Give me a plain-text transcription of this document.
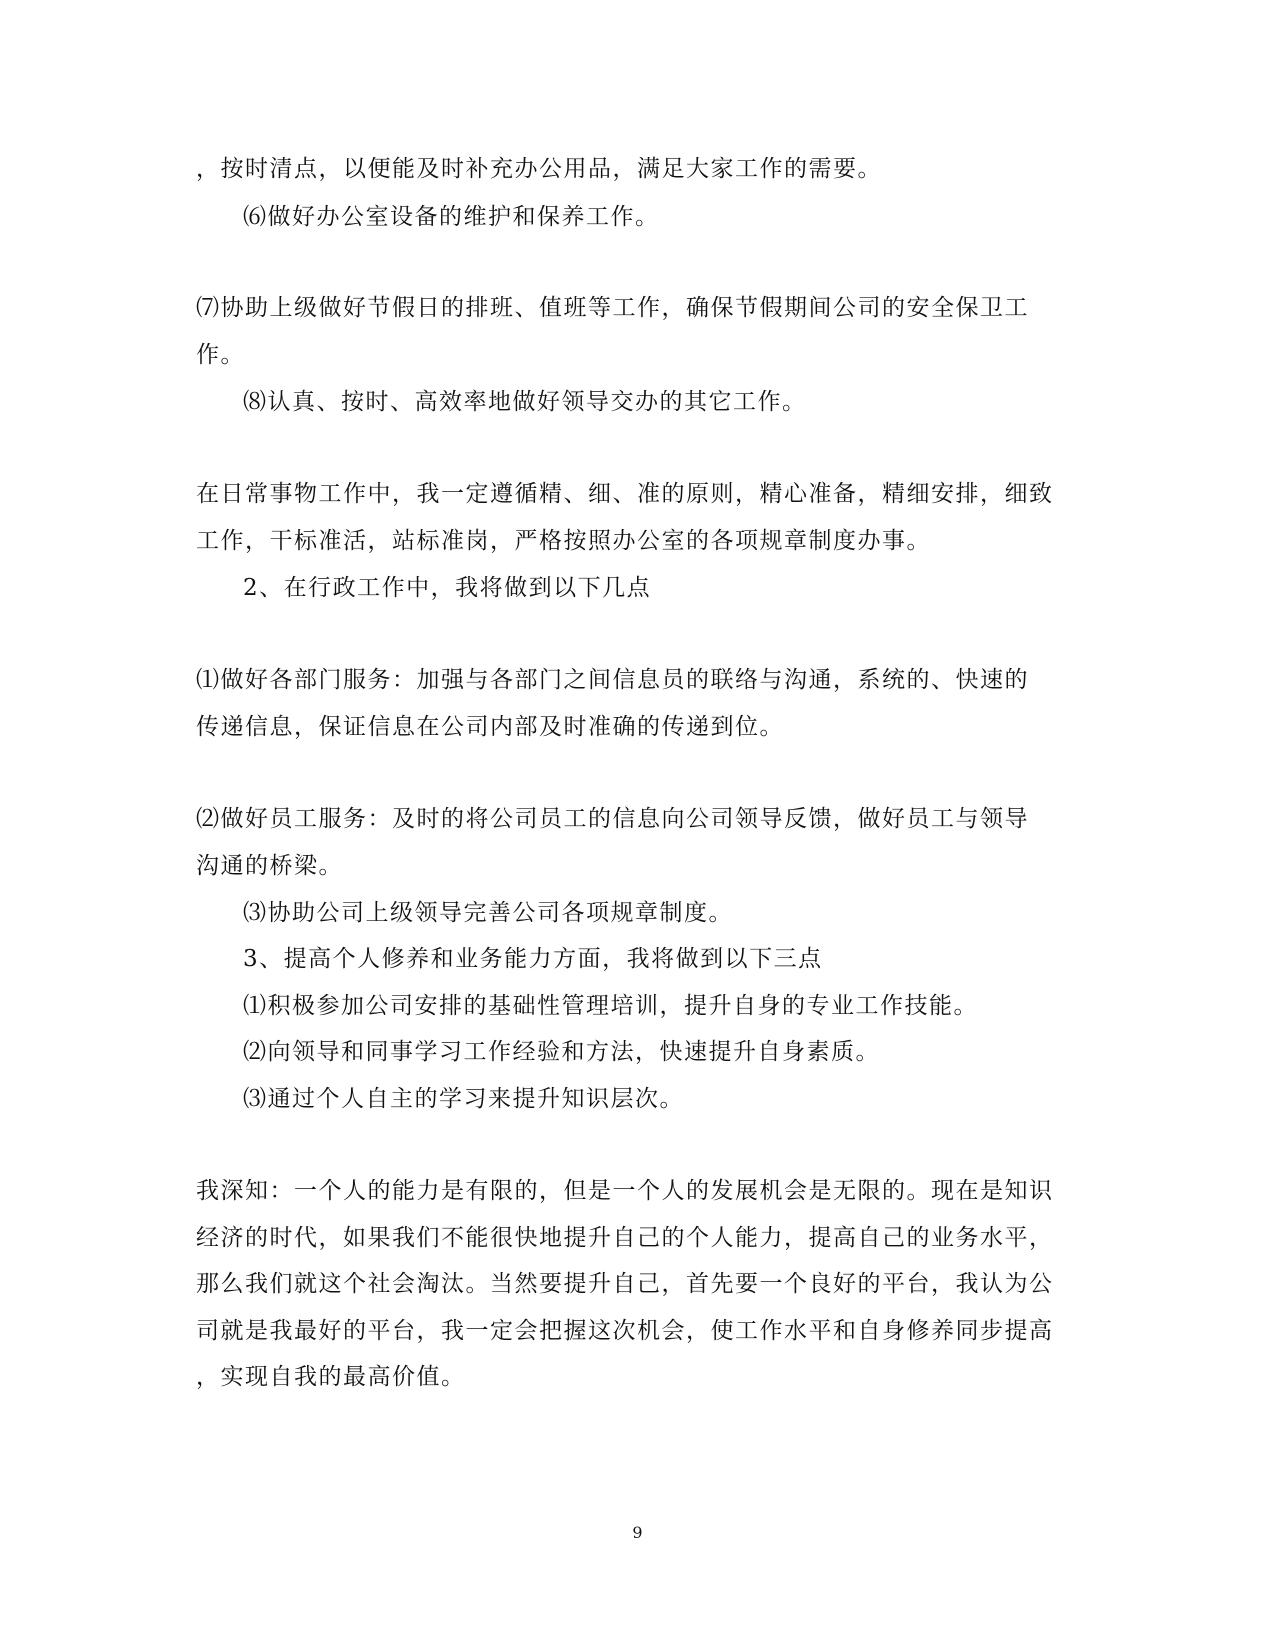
，按时清点，以便能及时补充办公用品，满足大家工作的需要。
⑹做好办公室设备的维护和保养工作。
⑺协助上级做好节假日的排班、值班等工作，确保节假期间公司的安全保卫工
作。
⑻认真、按时、高效率地做好领导交办的其它工作。
在日常事物工作中，我一定遵循精、细、准的原则，精心准备，精细安排，细致
工作，干标准活，站标准岗，严格按照办公室的各项规章制度办事。
2、在行政工作中，我将做到以下几点
⑴做好各部门服务：加强与各部门之间信息员的联络与沟通，系统的、快速的
传递信息，保证信息在公司内部及时准确的传递到位。
⑵做好员工服务：及时的将公司员工的信息向公司领导反馈，做好员工与领导
沟通的桥梁。
⑶协助公司上级领导完善公司各项规章制度。
3、提高个人修养和业务能力方面，我将做到以下三点
⑴积极参加公司安排的基础性管理培训，提升自身的专业工作技能。
⑵向领导和同事学习工作经验和方法，快速提升自身素质。
⑶通过个人自主的学习来提升知识层次。
我深知：一个人的能力是有限的，但是一个人的发展机会是无限的。现在是知识
经济的时代，如果我们不能很快地提升自己的个人能力，提高自己的业务水平，
那么我们就这个社会淘汰。当然要提升自己，首先要一个良好的平台，我认为公
司就是我最好的平台，我一定会把握这次机会，使工作水平和自身修养同步提高
，实现自我的最高价值。
9
